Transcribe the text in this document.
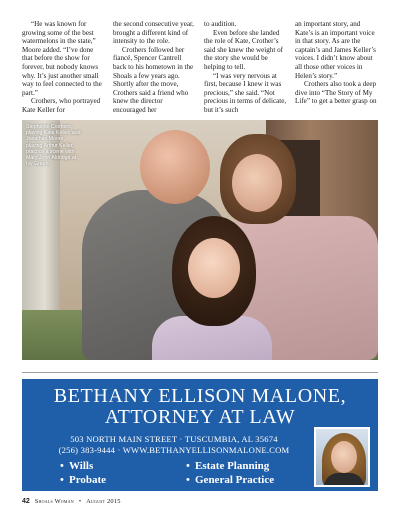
“He was known for growing some of the best watermelons in the state,” Moore added. “I’ve done that before the show for forever, but nobody knows why. It’s just another small way to feel connected to the part.”

Crothers, who portrayed Kate Keller for

the second consecutive year, brought a different kind of intensity to the role.

Crothers followed her fiancé, Spencer Cantrell back to his hometown in the Shoals a few years ago. Shortly after the move, Crothers said a friend who knew the director encouraged her

to audition.

Even before she landed the role of Kate, Crother’s said she knew the weight of the story she would be helping to tell.

“I was very nervous at first, because I knew it was precious,” she said. “Not precious in terms of delicate, but it’s such

an important story, and Kate’s is an important voice in that story. As are the captain’s and James Keller’s voices. I didn’t know about all those other voices in Helen’s story.”

Crothers also took a deep dive into “The Story of My Life” to get a better grasp on

Stephanie Crothers, playing Kate Keller, and Jonathan Moore, playing Arthur Keller, practice a scene with Mary John Aldridge at Ivy Green.
BETHANY ELLISON MALONE,
ATTORNEY AT LAW
503 NORTH MAIN STREET · TUSCUMBIA, AL 35674
(256) 383-9444 · WWW.BETHANYELLISONMALONE.COM
• Wills	• Estate Planning
• Probate	• General Practice
42 Shoals Woman • August 2015
